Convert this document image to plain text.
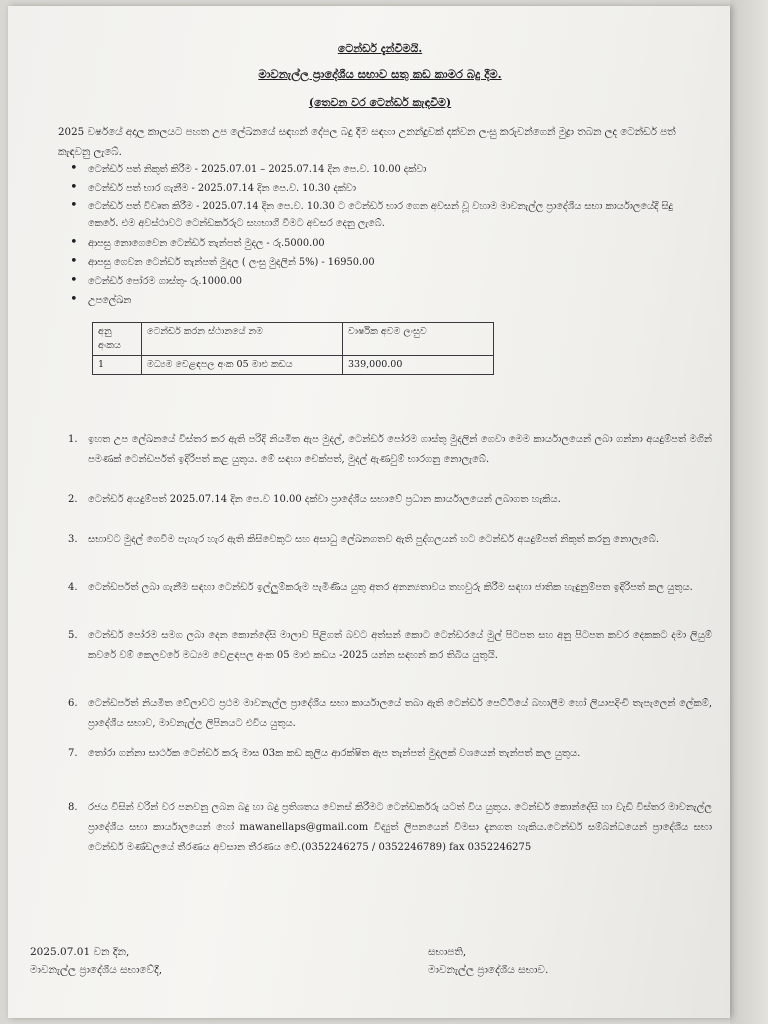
ටෙන්ඩර් දැන්වීමයි.
මාවනැල්ල ප්‍රාදේශීය සභාව සතු කඩ කාමර බදු දීම.
(තෙවන වර ටෙන්ඩර් කැඳවීම)
2025 වර්ෂයේ අදාල කාලයට පහත උප ලේඛනයේ සඳහන් දේපල බදු දීම සඳහා උනන්දුවක් දක්වන ලංසු කරුවන්ගෙන් මුද්‍රා තබන ලද ටෙන්ඩර් පත් කැඳවනු ලැබේ.
• ටෙන්ඩර් පත් නිකුත් කිරීම - 2025.07.01 – 2025.07.14 දින පෙ.ව. 10.00 දක්වා
• ටෙන්ඩර් පත් භාර ගැනීම - 2025.07.14 දින පෙ.ව. 10.30 දක්වා
• ටෙන්ඩර් පත් විවෘත කිරීම - 2025.07.14 දින පෙ.ව. 10.30 ට ටෙන්ඩර් භාර ගෙන අවසන් වූ වහාම මාවනැල්ල ප්‍රාදේශීය සභා කාර්යාලයේදී සිදු කෙරේ. එම අවස්ථාවට ටෙන්ඩර්කරුට සහභාගී වීමට අවසර දෙනු ලැබේ.
• ආපසු නොගෙවෙන ටෙන්ඩර් තැන්පත් මුදල - රු.5000.00
• ආපසු ගෙවන ටෙන්ඩර් තැන්පත් මුදල ( ලංසු මුදලින් 5%) - 16950.00
• ටෙන්ඩර් පෝරම ගාස්තු- රු.1000.00
• උපලේඛන
අනු අංකය	ටෙන්ඩර් කරන ස්ථානයේ නම	වාර්ෂික අවම ලංසුව
1	මධ්‍යම වෙළඳපල අංක 05 මාළු කඩය	339,000.00
1.	ඉහත උප ලේඛනයේ විස්තර කර ඇති පරිදි නියමිත ඇප මුදල්, ටෙන්ඩර් පෝරම ගාස්තු මුදලින් ගෙවා මෙම කාර්යාලයෙන් ලබා ගන්නා අයදුම්පත් මගින් පමණක් ටෙන්ඩර්පත් ඉදිරිපත් කළ යුතුය. මේ සඳහා චෙක්පත්, මුදල් ඇණවුම් භාරගනු නොලැබේ.
2.	ටෙන්ඩර් අයදුම්පත් 2025.07.14 දින පෙ.ව 10.00 දක්වා ප්‍රාදේශීය සභාවේ ප්‍රධාන කාර්යාලයෙන් ලබාගත හැකිය.
3.	සභාවට මුදල් ගෙවීම පැහැර හැර ඇති කිසිවෙකුට සහ අසාධු ලේඛනගතව ඇති පුද්ගලයන් හට ටෙන්ඩර් අයදුම්පත් නිකුත් කරනු නොලැබේ.
4.	ටෙන්ඩර්පත් ලබා ගැනීම සඳහා ටෙන්ඩර් ඉල්ලුම්කරුම පැමිණිය යුතු අතර අනන්‍යතාවය තහවුරු කිරීම සඳහා ජාතික හැඳුනුම්පත ඉදිරිපත් කල යුතුය.
5.	ටෙන්ඩර් පෝරම සමග ලබා දෙන කොන්දේසි මාලාව පිළිගත් බවට අත්සන් කොට ටෙන්ඩරයේ මුල් පිටපත සහ අනු පිටපත කවර දෙකකට දමා ලියුම් කවරේ වම් කෙලවරේ මධ්‍යම වෙළඳපල අංක 05 මාළු කඩය -2025 යන්න සඳහන් කර තිබිය යුතුයි.
6.	ටෙන්ඩර්පත් නියමිත වේලාවට ප්‍රථම මාවනැල්ල ප්‍රාදේශීය සභා කාර්යාලයේ තබා ඇති ටෙන්ඩර් පෙට්ටියේ බහාලීම හෝ ලියාපදිංචි තැපැලෙන් ලේකම්, ප්‍රාදේශීය සභාව, මාවනැල්ල ලිපිනයට එවිය යුතුය.
7.	තෝරා ගන්නා සාර්ථක ටෙන්ඩර් කරු මාස 03ක කඩ කුලිය ආරක්ෂිත ඇප තැන්පත් මුදලක් වශයෙන් තැන්පත් කල යුතුය.
8.	රජය විසින් වරින් වර පනවනු ලබන බදු හා බදු ප්‍රතිශතය වෙනස් කිරීමට ටෙන්ඩර්කරු යටත් විය යුතුය. ටෙන්ඩර් කොන්දේසි හා වැඩි විස්තර මාවනැල්ල ප්‍රාදේශීය සභා කාර්යාලයෙන් හෝ mawanellaps@gmail.com විද්‍යුත් ලිපනයෙන් විමසා දැනගත හැකිය.ටෙන්ඩර් සම්බන්ධයෙන් ප්‍රාදේශීය සභා ටෙන්ඩර් මණ්ඩලයේ තීරණය අවසාන තීරණය වේ.(0352246275 / 0352246789) fax 0352246275
2025.07.01 වන දින,
මාවනැල්ල ප්‍රාදේශීය සභාවේදී,
සභාපති,
මාවනැල්ල ප්‍රාදේශීය සභාව.
